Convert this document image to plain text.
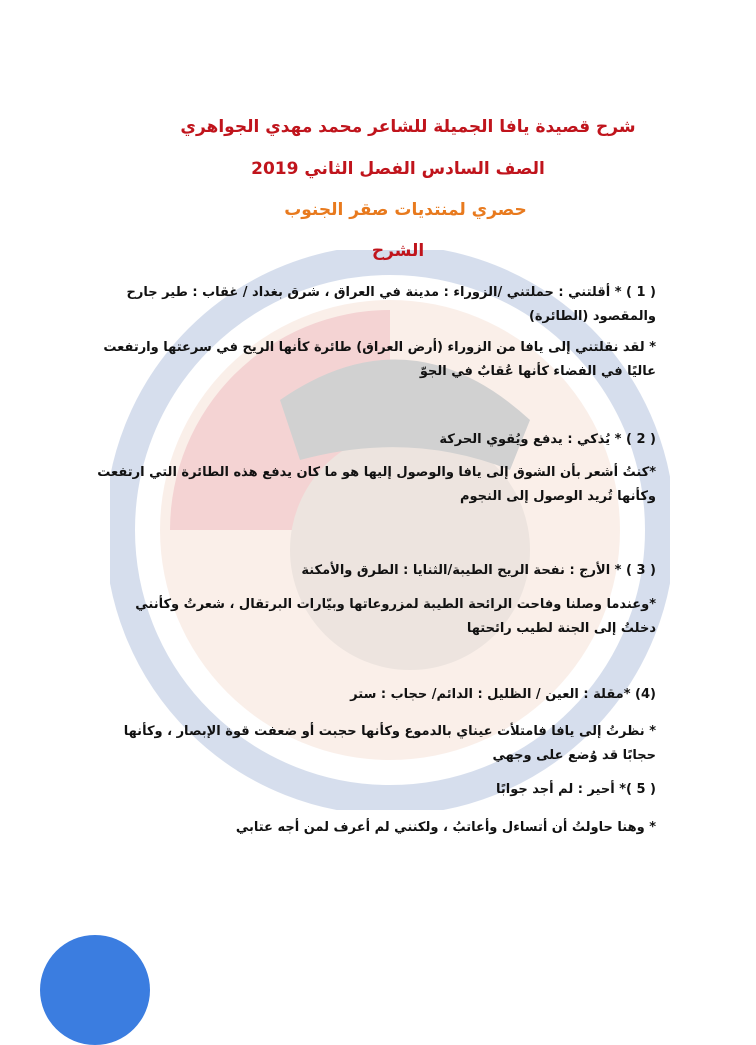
شرح قصيدة يافا الجميلة للشاعر محمد مهدي الجواهري
الصف السادس الفصل الثاني 2019
حصري لمنتديات صقر الجنوب
الشرح
( 1 ) * أقلتني : حملتني /الزوراء : مدينة في العراق ، شرق بغداد / غقاب : طير جارح والمقصود (الطائرة)
* لقد نقلتني إلى يافا من الزوراء (أرض العراق) طائرة كأنها الريح في سرعتها وارتفعت عاليًا في الفضاء كأنها عُقابٌ في الجوّ
( 2 ) * يُذكي : يدفع ويُقوي الحركة
*كنتُ أشعر بأن الشوق إلى يافا والوصول إليها هو ما كان يدفع هذه الطائرة التي ارتفعت وكأنها تُريد الوصول إلى النجوم
( 3 ) * الأرج : نفحة الريح الطيبة/الثنايا : الطرق والأمكنة
*وعندما وصلنا وفاحت الرائحة الطيبة لمزروعاتها وبيّارات البرتقال ، شعرتُ وكأنني دخلتُ إلى الجنة لطيب رائحتها
(4) *مقلة : العين / الظليل : الدائم/ حجاب : ستر
* نظرتُ إلى يافا فامتلأت عيناي بالدموع وكأنها حجبت أو ضعفت قوة الإبصار ، وكأنها حجابًا قد وُضع على وجهي
( 5 )* أحير : لم أجد جوابًا
* وهنا حاولتُ أن أتساءل وأعاتبُ ، ولكنني لم أعرف لمن أجه عتابي
